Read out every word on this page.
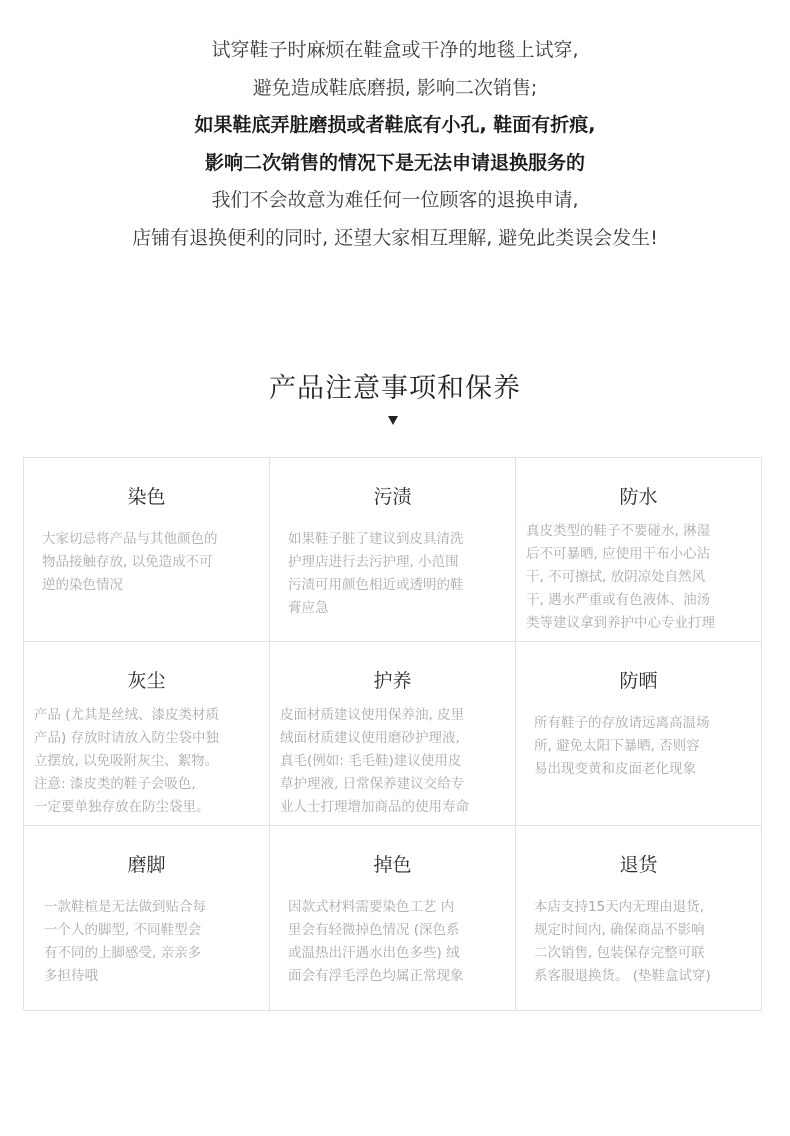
试穿鞋子时麻烦在鞋盒或干净的地毯上试穿,
避免造成鞋底磨损, 影响二次销售;
如果鞋底弄脏磨损或者鞋底有小孔, 鞋面有折痕,
影响二次销售的情况下是无法申请退换服务的
我们不会故意为难任何一位顾客的退换申请,
店铺有退换便利的同时, 还望大家相互理解, 避免此类误会发生!
产品注意事项和保养
染色
大家切忌将产品与其他颜色的
物品接触存放, 以免造成不可
逆的染色情况
污渍
如果鞋子脏了建议到皮具清洗
护理店进行去污护理, 小范围
污渍可用颜色相近或透明的鞋
膏应急
防水
真皮类型的鞋子不要碰水, 淋湿
后不可暴晒, 应使用干布小心沾
干, 不可擦拭, 放阴凉处自然风
干, 遇水严重或有色液体、油汤
类等建议拿到养护中心专业打理
灰尘
产品 (尤其是丝绒、漆皮类材质
产品) 存放时请放入防尘袋中独
立摆放, 以免吸附灰尘、絮物。
注意: 漆皮类的鞋子会吸色,
一定要单独存放在防尘袋里。
护养
皮面材质建议使用保养油, 皮里
绒面材质建议使用磨砂护理液,
真毛(例如: 毛毛鞋)建议使用皮
草护理液, 日常保养建议交给专
业人士打理增加商品的使用寿命
防晒
所有鞋子的存放请远离高温场
所, 避免太阳下暴晒, 否则容
易出现变黄和皮面老化现象
磨脚
一款鞋楦是无法做到贴合每
一个人的脚型, 不同鞋型会
有不同的上脚感受, 亲亲多
多担待哦
掉色
因款式材料需要染色工艺 内
里会有轻微掉色情况 (深色系
或温热出汗遇水出色多些) 绒
面会有浮毛浮色均属正常现象
退货
本店支持15天内无理由退货,
规定时间内, 确保商品不影响
二次销售, 包装保存完整可联
系客服退换货。 (垫鞋盒试穿)
